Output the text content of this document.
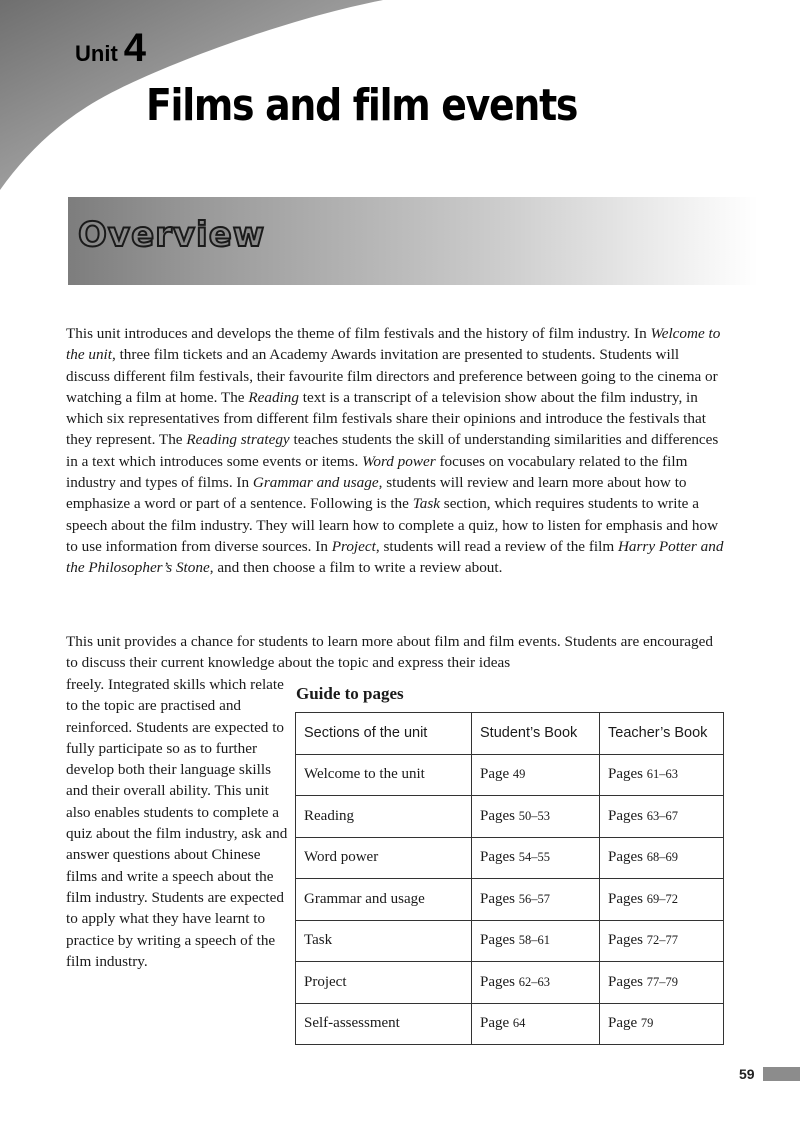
Unit 4
Films and film events
Overview

This unit introduces and develops the theme of film festivals and the history of film industry. In Welcome to the unit, three film tickets and an Academy Awards invitation are presented to students. Students will discuss different film festivals, their favourite film directors and preference between going to the cinema or watching a film at home. The Reading text is a transcript of a television show about the film industry, in which six representatives from different film festivals share their opinions and introduce the festivals that they represent. The Reading strategy teaches students the skill of understanding similarities and differences in a text which introduces some events or items. Word power focuses on vocabulary related to the film industry and types of films. In Grammar and usage, students will review and learn more about how to emphasize a word or part of a sentence. Following is the Task section, which requires students to write a speech about the film industry. They will learn how to complete a quiz, how to listen for emphasis and how to use information from diverse sources. In Project, students will read a review of the film Harry Potter and the Philosopher’s Stone, and then choose a film to write a review about.

This unit provides a chance for students to learn more about film and film events. Students are encouraged to discuss their current knowledge about the topic and express their ideas

freely. Integrated skills which relate to the topic are practised and reinforced. Students are expected to fully participate so as to further develop both their language skills and their overall ability. This unit also enables students to complete a quiz about the film industry, ask and answer questions about Chinese films and write a speech about the film industry. Students are expected to apply what they have learnt to practice by writing a speech of the film industry.

Guide to pages
Sections of the unit	Student’s Book	Teacher’s Book
Welcome to the unit	Page 49	Pages 61–63
Reading	Pages 50–53	Pages 63–67
Word power	Pages 54–55	Pages 68–69
Grammar and usage	Pages 56–57	Pages 69–72
Task	Pages 58–61	Pages 72–77
Project	Pages 62–63	Pages 77–79
Self-assessment	Page 64	Page 79
59
